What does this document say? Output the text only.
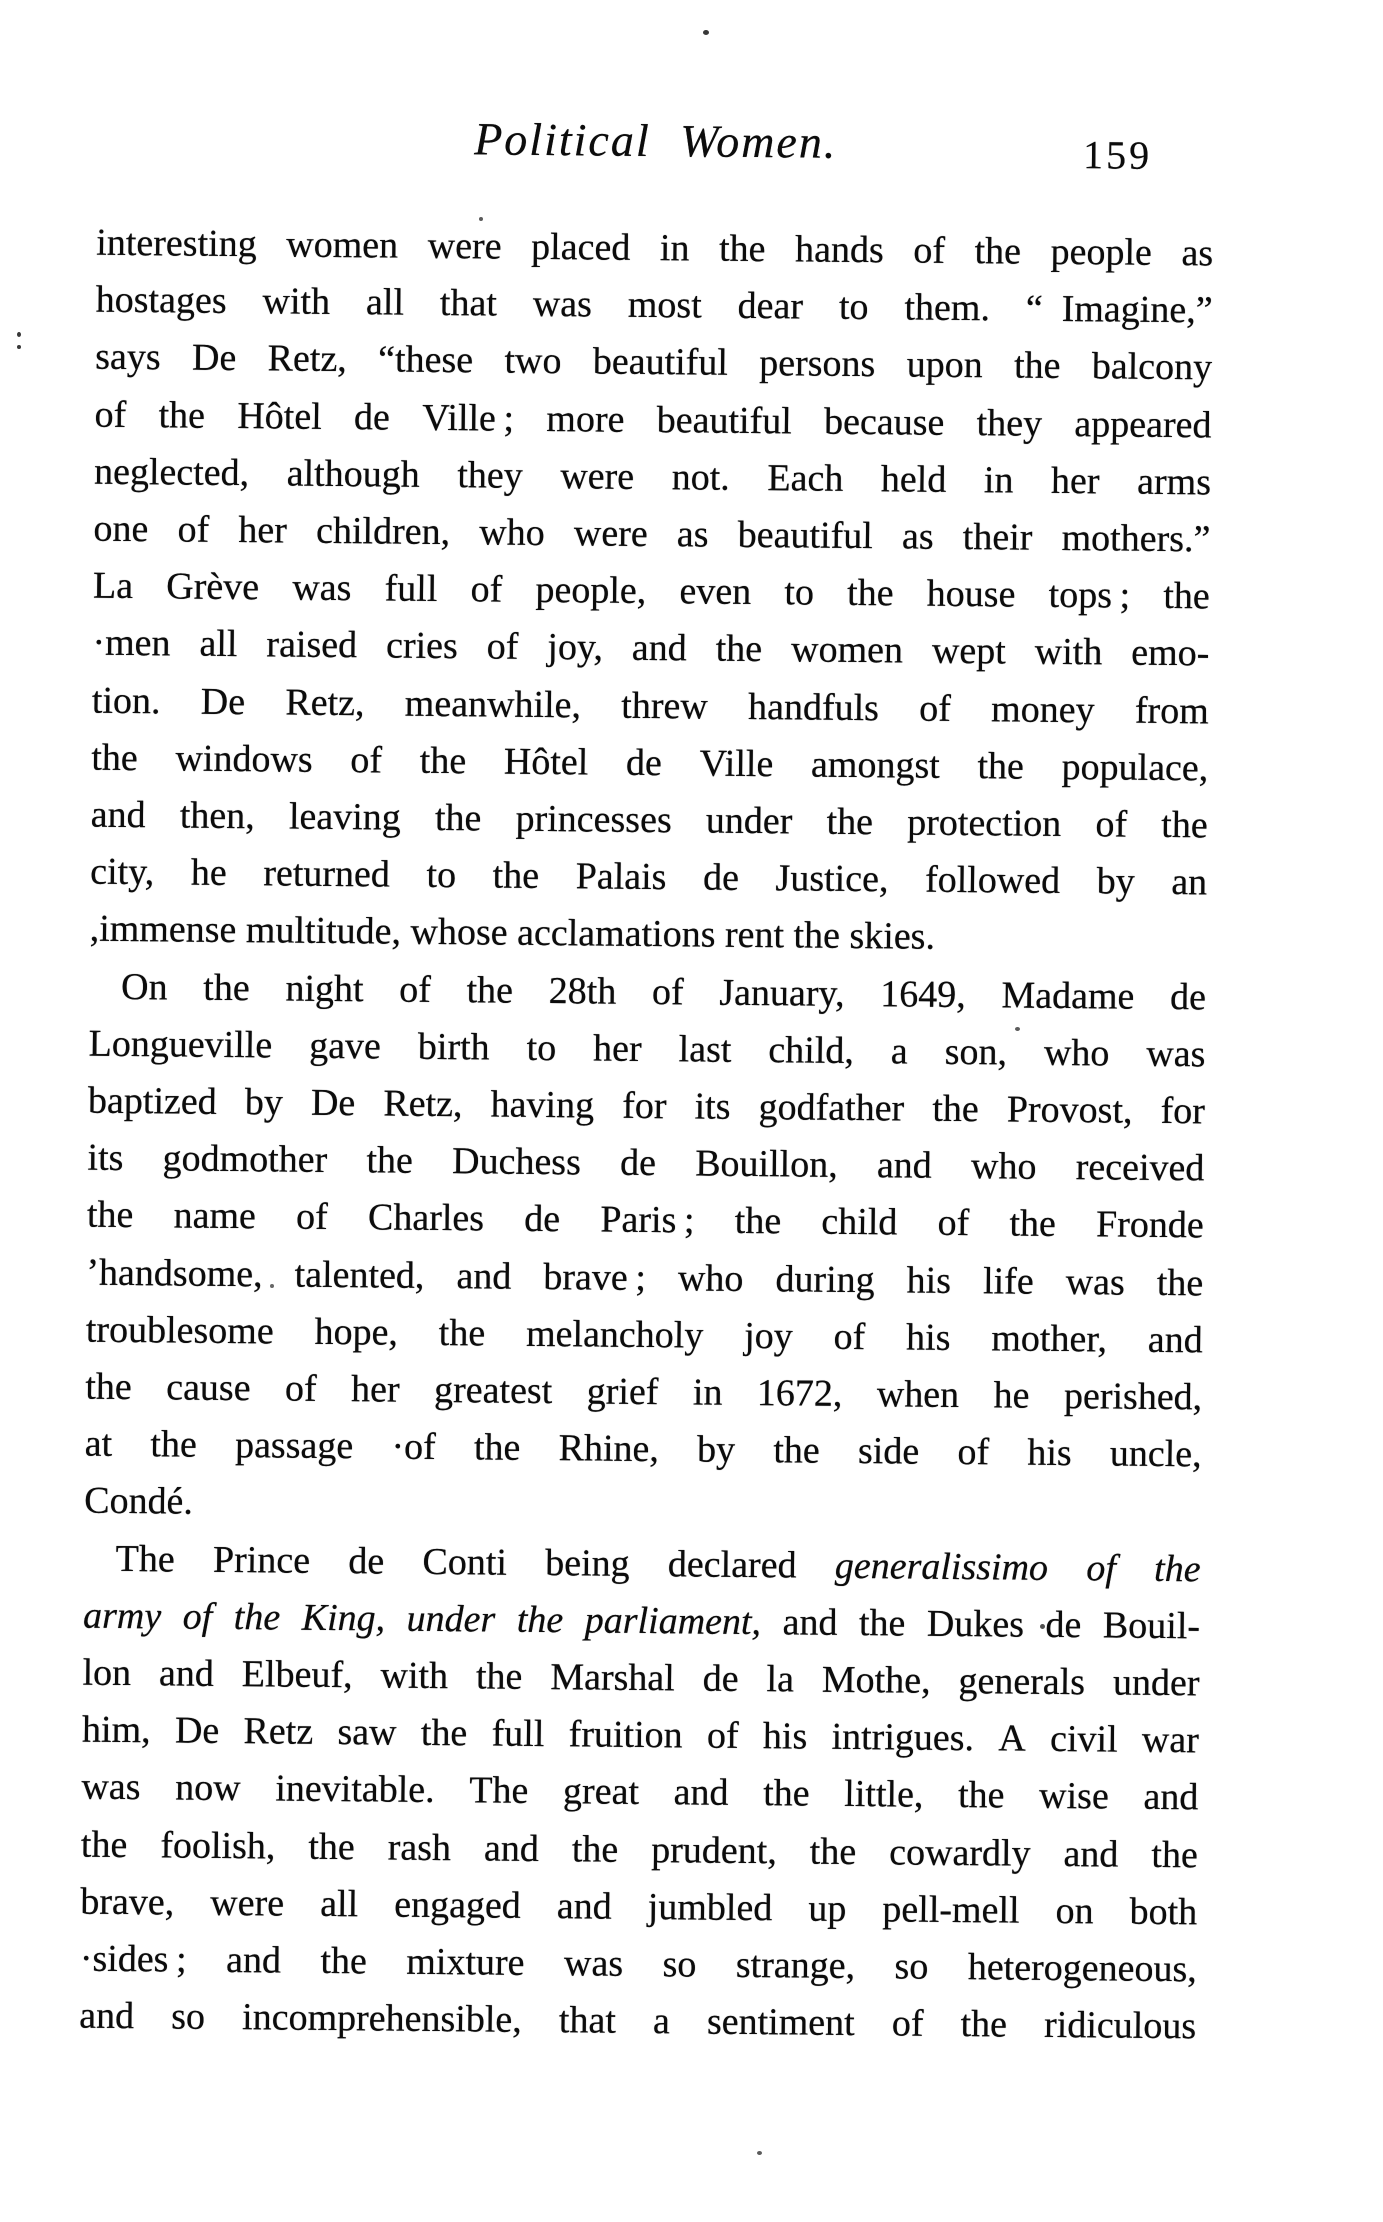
Political Women.	159
interesting women were placed in the hands of the people as
hostages with all that was most dear to them. “ Imagine,”
says De Retz, “these two beautiful persons upon the balcony
of the Hôtel de Ville ; more beautiful because they appeared
neglected, although they were not. Each held in her arms
one of her children, who were as beautiful as their mothers.”
La Grève was full of people, even to the house tops ; the
·men all raised cries of joy, and the women wept with emo-
tion. De Retz, meanwhile, threw handfuls of money from
the windows of the Hôtel de Ville amongst the populace,
and then, leaving the princesses under the protection of the
city, he returned to the Palais de Justice, followed by an
,immense multitude, whose acclamations rent the skies.
On the night of the 28th of January, 1649, Madame de
Longueville gave birth to her last child, a son, who was
baptized by De Retz, having for its godfather the Provost, for
its godmother the Duchess de Bouillon, and who received
the name of Charles de Paris ; the child of the Fronde
’handsome, talented, and brave ; who during his life was the
troublesome hope, the melancholy joy of his mother, and
the cause of her greatest grief in 1672, when he perished,
at the passage ·of the Rhine, by the side of his uncle,
Condé.
The Prince de Conti being declared generalissimo of the
army of the King, under the parliament, and the Dukes de Bouil-
lon and Elbeuf, with the Marshal de la Mothe, generals under
him, De Retz saw the full fruition of his intrigues. A civil war
was now inevitable. The great and the little, the wise and
the foolish, the rash and the prudent, the cowardly and the
brave, were all engaged and jumbled up pell-mell on both
·sides ; and the mixture was so strange, so heterogeneous,
and so incomprehensible, that a sentiment of the ridiculous
